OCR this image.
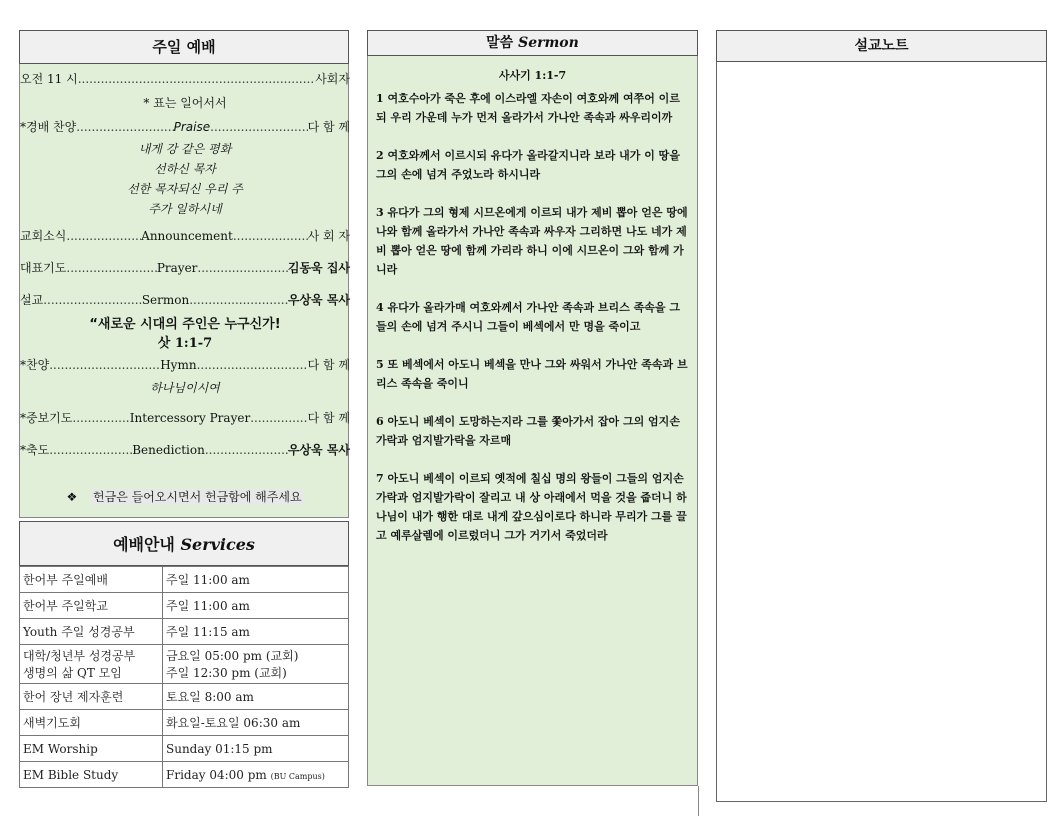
주일 예배
오전 11 시 .....	사회자
* 표는 일어서서
*경배 찬양 .....	Praise .....	다 함 께
내게 강 같은 평화
선하신 목자
선한 목자되신 우리 주
주가 일하시네
교회소식 .....	Announcement .....	사 회 자
대표기도 .....	Prayer .....	김동욱 집사
설교 .....	Sermon .....	우상욱 목사
“새로운 시대의 주인은 누구신가!
삿 1:1-7
*찬양 .....	Hymn .....	다 함 께
하나님이시여
*중보기도 .....	Intercessory Prayer .....	다 함 께
*축도 .....	Benediction .....	우상욱 목사
❖ 헌금은 들어오시면서 헌금함에 해주세요
예배안내 Services
한어부 주일예배	주일 11:00 am
한어부 주일학교	주일 11:00 am
Youth 주일 성경공부	주일 11:15 am
대학/청년부 성경공부
생명의 삶 QT 모임	금요일 05:00 pm (교회)
주일 12:30 pm (교회)
한어 장년 제자훈련	토요일 8:00 am
새벽기도회	화요일-토요일 06:30 am
EM Worship	Sunday 01:15 pm
EM Bible Study	Friday 04:00 pm (BU Campus)
말씀 Sermon
사사기 1:1-7

1 여호수아가 죽은 후에 이스라엘 자손이 여호와께 여쭈어 이르되 우리 가운데 누가 먼저 올라가서 가나안 족속과 싸우리이까

2 여호와께서 이르시되 유다가 올라갈지니라 보라 내가 이 땅을 그의 손에 넘겨 주었노라 하시니라

3 유다가 그의 형제 시므온에게 이르되 내가 제비 뽑아 얻은 땅에 나와 함께 올라가서 가나안 족속과 싸우자 그리하면 나도 네가 제비 뽑아 얻은 땅에 함께 가리라 하니 이에 시므온이 그와 함께 가니라

4 유다가 올라가매 여호와께서 가나안 족속과 브리스 족속을 그들의 손에 넘겨 주시니 그들이 베섹에서 만 명을 죽이고

5 또 베섹에서 아도니 베섹을 만나 그와 싸워서 가나안 족속과 브리스 족속을 죽이니

6 아도니 베섹이 도망하는지라 그를 쫓아가서 잡아 그의 엄지손가락과 엄지발가락을 자르매

7 아도니 베섹이 이르되 옛적에 칠십 명의 왕들이 그들의 엄지손가락과 엄지발가락이 잘리고 내 상 아래에서 먹을 것을 줍더니 하나님이 내가 행한 대로 내게 갚으심이로다 하니라 무리가 그를 끌고 예루살렘에 이르렀더니 그가 거기서 죽었더라

설교노트
